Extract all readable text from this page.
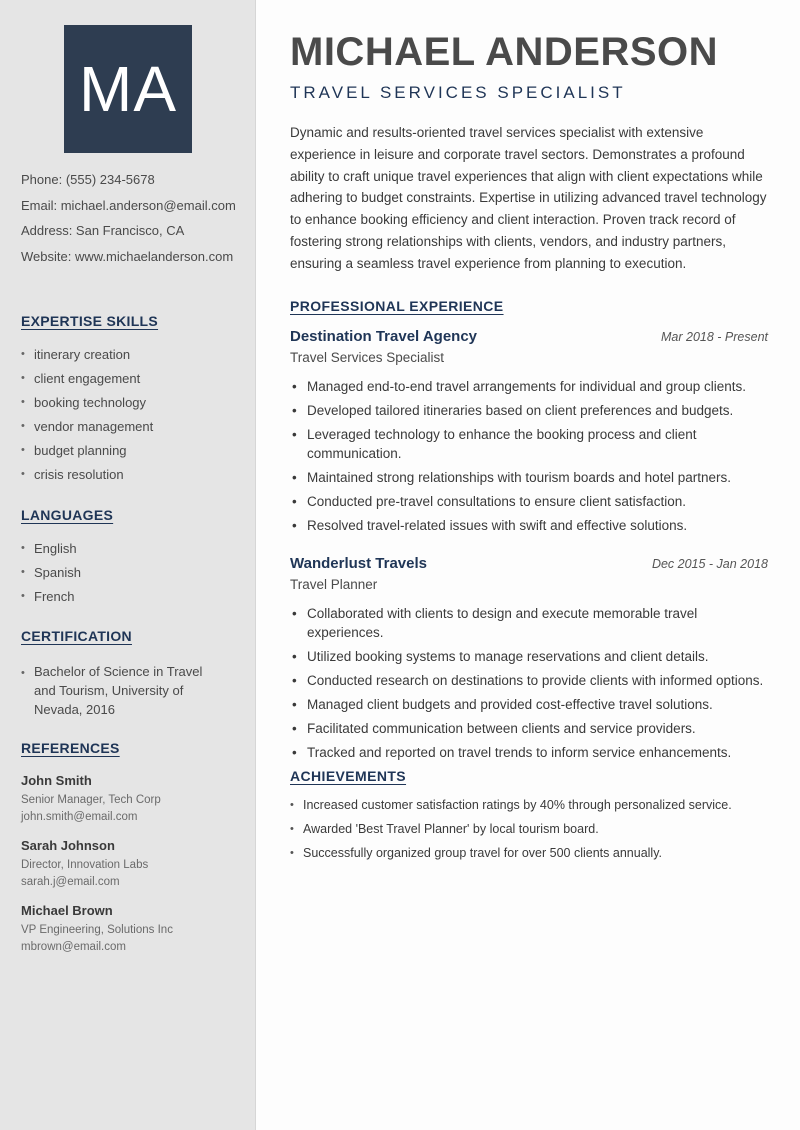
MA
Phone: (555) 234-5678
Email: michael.anderson@email.com
Address: San Francisco, CA
Website: www.michaelanderson.com
EXPERTISE SKILLS
• itinerary creation
• client engagement
• booking technology
• vendor management
• budget planning
• crisis resolution
LANGUAGES
• English
• Spanish
• French
CERTIFICATION
• Bachelor of Science in Travel and Tourism, University of Nevada, 2016
REFERENCES
John Smith
Senior Manager, Tech Corp
john.smith@email.com
Sarah Johnson
Director, Innovation Labs
sarah.j@email.com
Michael Brown
VP Engineering, Solutions Inc
mbrown@email.com
MICHAEL ANDERSON
TRAVEL SERVICES SPECIALIST

Dynamic and results-oriented travel services specialist with extensive experience in leisure and corporate travel sectors. Demonstrates a profound ability to craft unique travel experiences that align with client expectations while adhering to budget constraints. Expertise in utilizing advanced travel technology to enhance booking efficiency and client interaction. Proven track record of fostering strong relationships with clients, vendors, and industry partners, ensuring a seamless travel experience from planning to execution.

PROFESSIONAL EXPERIENCE
Destination Travel Agency	Mar 2018 - Present
Travel Services Specialist
• Managed end-to-end travel arrangements for individual and group clients.
• Developed tailored itineraries based on client preferences and budgets.
• Leveraged technology to enhance the booking process and client communication.
• Maintained strong relationships with tourism boards and hotel partners.
• Conducted pre-travel consultations to ensure client satisfaction.
• Resolved travel-related issues with swift and effective solutions.
Wanderlust Travels	Dec 2015 - Jan 2018
Travel Planner
• Collaborated with clients to design and execute memorable travel experiences.
• Utilized booking systems to manage reservations and client details.
• Conducted research on destinations to provide clients with informed options.
• Managed client budgets and provided cost-effective travel solutions.
• Facilitated communication between clients and service providers.
• Tracked and reported on travel trends to inform service enhancements.
ACHIEVEMENTS
• Increased customer satisfaction ratings by 40% through personalized service.
• Awarded 'Best Travel Planner' by local tourism board.
• Successfully organized group travel for over 500 clients annually.
